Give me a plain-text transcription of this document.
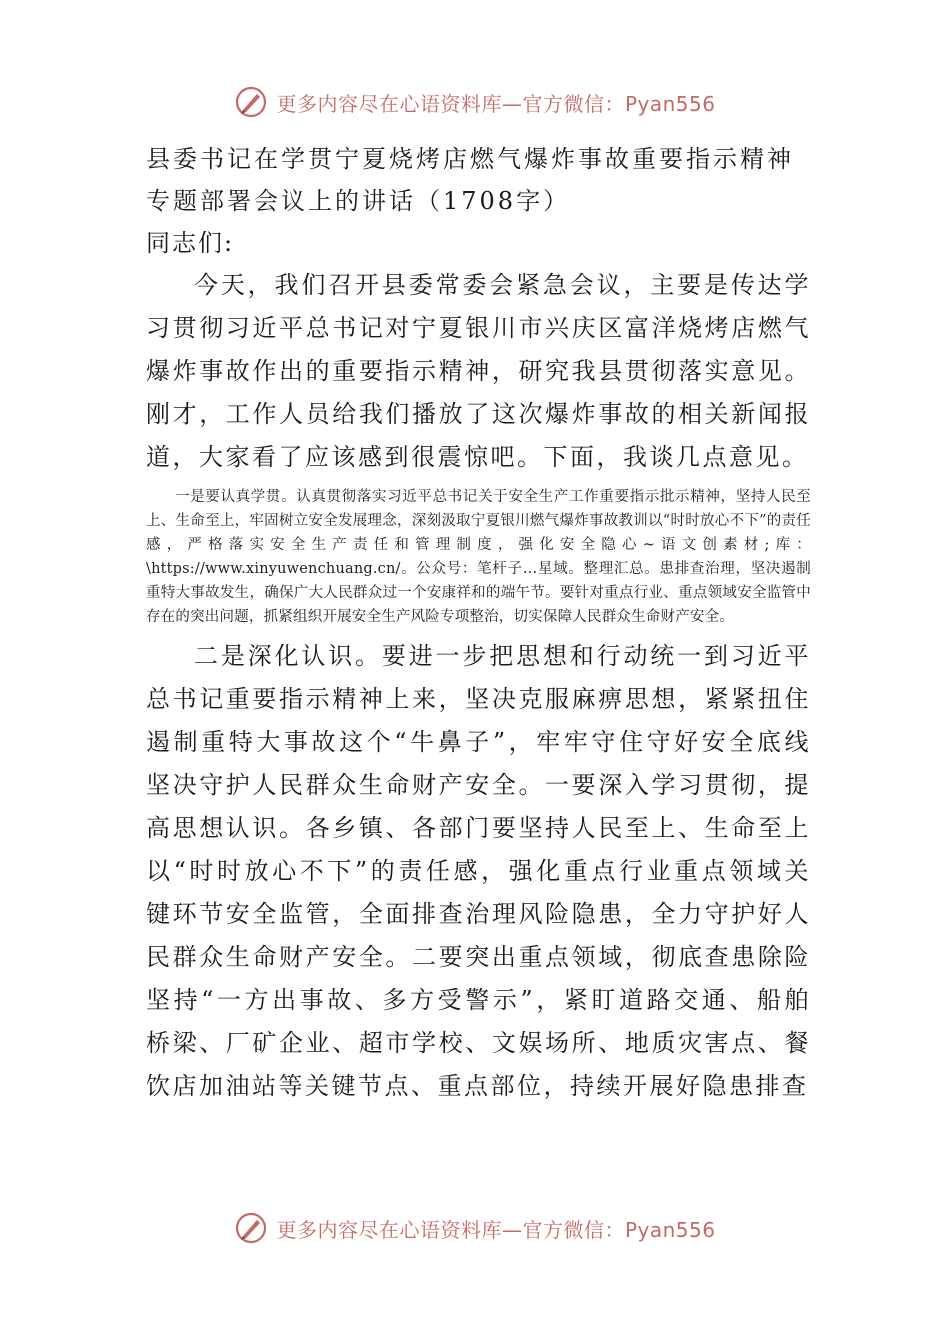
更多内容尽在心语资料库—官方微信：Pyan556

县委书记在学贯宁夏烧烤店燃气爆炸事故重要指示精神专题部署会议上的讲话（1708字）

同志们:

今天，我们召开县委常委会紧急会议，主要是传达学习贯彻习近平总书记对宁夏银川市兴庆区富洋烧烤店燃气爆炸事故作出的重要指示精神，研究我县贯彻落实意见。刚才，工作人员给我们播放了这次爆炸事故的相关新闻报道，大家看了应该感到很震惊吧。下面，我谈几点意见。

一是要认真学贯。认真贯彻落实习近平总书记关于安全生产工作重要指示批示精神，坚持人民至上、生命至上，牢固树立安全发展理念，深刻汲取宁夏银川燃气爆炸事故教训以“时时放心不下”的责任感，严格落实安全生产责任和管理制度，强化安全隐心~语文创素材;库：\https://www.xinyuwenchuang.cn/。公众号：笔杆子…星域。整理汇总。患排查治理，坚决遏制重特大事故发生，确保广大人民群众过一个安康祥和的端午节。要针对重点行业、重点领域安全监管中存在的突出问题，抓紧组织开展安全生产风险专项整治，切实保障人民群众生命财产安全。

二是深化认识。要进一步把思想和行动统一到习近平总书记重要指示精神上来，坚决克服麻痹思想，紧紧扭住遏制重特大事故这个“牛鼻子”，牢牢守住守好安全底线坚决守护人民群众生命财产安全。一要深入学习贯彻，提高思想认识。各乡镇、各部门要坚持人民至上、生命至上以“时时放心不下”的责任感，强化重点行业重点领域关键环节安全监管，全面排查治理风险隐患，全力守护好人民群众生命财产安全。二要突出重点领域，彻底查患除险坚持“一方出事故、多方受警示”，紧盯道路交通、船舶桥梁、厂矿企业、超市学校、文娱场所、地质灾害点、餐饮店加油站等关键节点、重点部位，持续开展好隐患排查

更多内容尽在心语资料库—官方微信：Pyan556
